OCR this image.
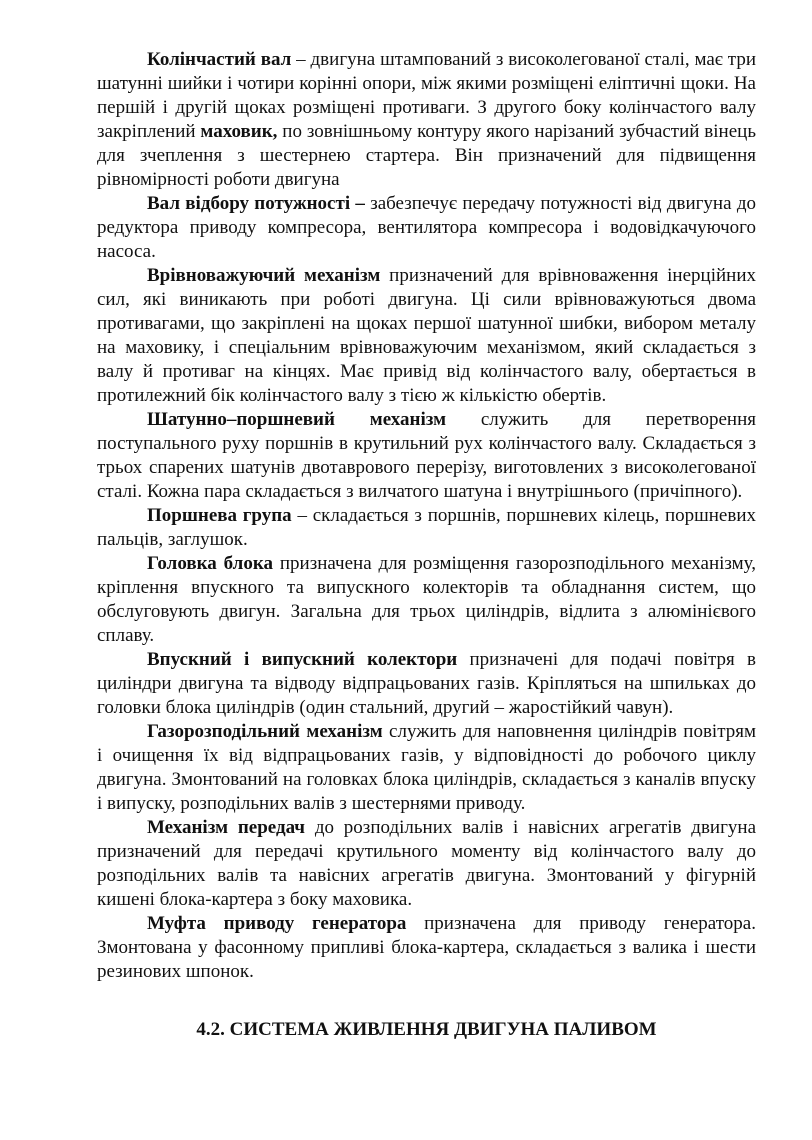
Колінчастий вал – двигуна штампований з високолегованої сталі, має три шатунні шийки і чотири корінні опори, між якими розміщені еліптичні щоки. На першій і другій щоках розміщені противаги. З другого боку колінчастого валу закріплений маховик, по зовнішньому контуру якого нарізаний зубчастий вінець для зчеплення з шестернею стартера. Він призначений для підвищення рівномірності роботи двигуна

Вал відбору потужності – забезпечує передачу потужності від двигуна до редуктора приводу компресора, вентилятора компресора і водовідкачуючого насоса.

Врівноважуючий механізм призначений для врівноваження інерційних сил, які виникають при роботі двигуна. Ці сили врівноважуються двома противагами, що закріплені на щоках першої шатунної шибки, вибором металу на маховику, і спеціальним врівноважуючим механізмом, який складається з валу й противаг на кінцях. Має привід від колінчастого валу, обертається в протилежний бік колінчастого валу з тією ж кількістю обертів.

Шатунно–поршневий механізм служить для перетворення поступального руху поршнів в крутильний рух колінчастого валу. Складається з трьох спарених шатунів двотаврового перерізу, виготовлених з високолегованої сталі. Кожна пара складається з вилчатого шатуна і внутрішнього (причіпного).

Поршнева група – складається з поршнів, поршневих кілець, поршневих пальців, заглушок.

Головка блока призначена для розміщення газорозподільного механізму, кріплення впускного та випускного колекторів та обладнання систем, що обслуговують двигун. Загальна для трьох циліндрів, відлита з алюмінієвого сплаву.

Впускний і випускний колектори призначені для подачі повітря в циліндри двигуна та відводу відпрацьованих газів. Кріпляться на шпильках до головки блока циліндрів (один стальний, другий – жаростійкий чавун).

Газорозподільний механізм служить для наповнення циліндрів повітрям і очищення їх від відпрацьованих газів, у відповідності до робочого циклу двигуна. Змонтований на головках блока циліндрів, складається з каналів впуску і випуску, розподільних валів з шестернями приводу.

Механізм передач до розподільних валів і навісних агрегатів двигуна призначений для передачі крутильного моменту від колінчастого валу до розподільних валів та навісних агрегатів двигуна. Змонтований у фігурній кишені блока-картера з боку маховика.

Муфта приводу генератора призначена для приводу генератора. Змонтована у фасонному припливі блока-картера, складається з валика і шести резинових шпонок.

4.2. СИСТЕМА ЖИВЛЕННЯ ДВИГУНА ПАЛИВОМ
